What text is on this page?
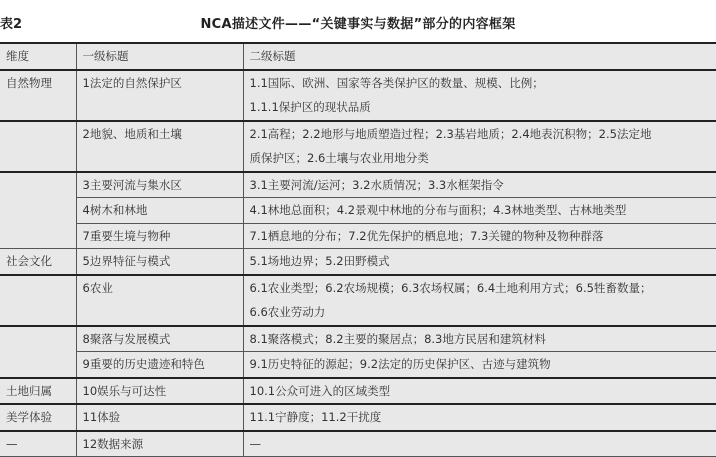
表2	NCA描述文件——“关键事实与数据”部分的内容框架
维度	一级标题	二级标题
自然物理	1法定的自然保护区	1.1国际、欧洲、国家等各类保护区的数量、规模、比例；
1.1.1保护区的现状品质

	2地貌、地质和土壤	2.1高程；2.2地形与地质塑造过程；2.3基岩地质；2.4地表沉积物；2.5法定地
质保护区；2.6土壤与农业用地分类

	3主要河流与集水区	3.1主要河流/运河；3.2水质情况；3.3水框架指令
	4树木和林地	4.1林地总面积；4.2景观中林地的分布与面积；4.3林地类型、古林地类型
	7重要生境与物种	7.1栖息地的分布；7.2优先保护的栖息地；7.3关键的物种及物种群落
社会文化	5边界特征与模式	5.1场地边界；5.2田野模式
	6农业	6.1农业类型；6.2农场规模；6.3农场权属；6.4土地利用方式；6.5牲畜数量；
6.6农业劳动力

	8聚落与发展模式	8.1聚落模式；8.2主要的聚居点；8.3地方民居和建筑材料
	9重要的历史遗迹和特色	9.1历史特征的源起；9.2法定的历史保护区、古迹与建筑物
土地归属	10娱乐与可达性	10.1公众可进入的区域类型
美学体验	11体验	11.1宁静度；11.2干扰度
—	12数据来源	—
